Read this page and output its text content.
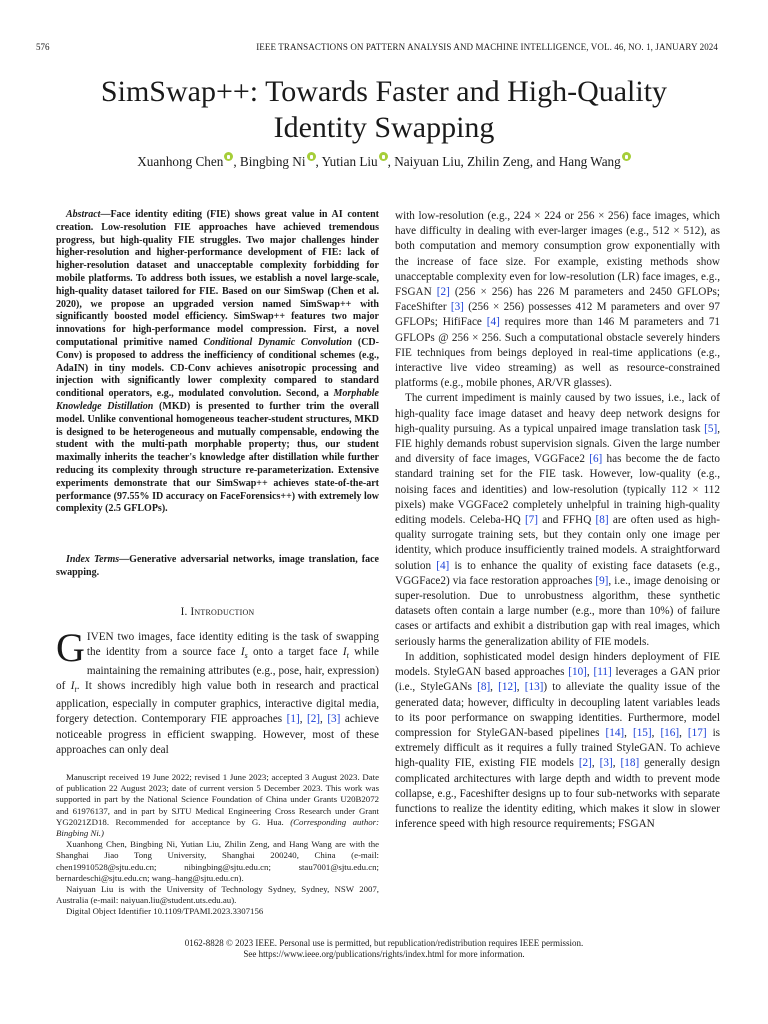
576	IEEE TRANSACTIONS ON PATTERN ANALYSIS AND MACHINE INTELLIGENCE, VOL. 46, NO. 1, JANUARY 2024
SimSwap++: Towards Faster and High-Quality
Identity Swapping
Xuanhong Chen , Bingbing Ni , Yutian Liu , Naiyuan Liu, Zhilin Zeng, and Hang Wang
Abstract—Face identity editing (FIE) shows great value in AI content creation. Low-resolution FIE approaches have achieved tremendous progress, but high-quality FIE struggles. Two major challenges hinder higher-resolution and higher-performance development of FIE: lack of higher-resolution dataset and unacceptable complexity forbidding for mobile platforms. To address both issues, we establish a novel large-scale, high-quality dataset tailored for FIE. Based on our SimSwap (Chen et al. 2020), we propose an upgraded version named SimSwap++ with significantly boosted model efficiency. SimSwap++ features two major innovations for high-performance model compression. First, a novel computational primitive named Conditional Dynamic Convolution (CD-Conv) is proposed to address the inefficiency of conditional schemes (e.g., AdaIN) in tiny models. CD-Conv achieves anisotropic processing and injection with significantly lower complexity compared to standard conditional operators, e.g., modulated convolution. Second, a Morphable Knowledge Distillation (MKD) is presented to further trim the overall model. Unlike conventional homogeneous teacher-student structures, MKD is designed to be heterogeneous and mutually compensable, endowing the student with the multi-path morphable property; thus, our student maximally inherits the teacher's knowledge after distillation while further reducing its complexity through structure re-parameterization. Extensive experiments demonstrate that our SimSwap++ achieves state-of-the-art performance (97.55% ID accuracy on FaceForensics++) with extremely low complexity (2.5 GFLOPs).
Index Terms—Generative adversarial networks, image translation, face swapping.
I. Introduction
GIVEN two images, face identity editing is the task of swapping the identity from a source face $I_s$ onto a target face $I_t$ while maintaining the remaining attributes (e.g., pose, hair, expression) of $I_t$. It shows incredibly high value both in research and practical application, especially in computer graphics, interactive digital media, forgery detection. Contemporary FIE approaches [1], [2], [3] achieve noticeable progress in efficient swapping. However, most of these approaches can only deal

Manuscript received 19 June 2022; revised 1 June 2023; accepted 3 August 2023. Date of publication 22 August 2023; date of current version 5 December 2023. This work was supported in part by the National Science Foundation of China under Grants U20B2072 and 61976137, and in part by SJTU Medical Engineering Cross Research under Grant YG2021ZD18. Recommended for acceptance by G. Hua. (Corresponding author: Bingbing Ni.)

Xuanhong Chen, Bingbing Ni, Yutian Liu, Zhilin Zeng, and Hang Wang are with the Shanghai Jiao Tong University, Shanghai 200240, China (e-mail: chen19910528@sjtu.edu.cn; nibingbing@sjtu.edu.cn; stau7001@sjtu.edu.cn; bernardeschi@sjtu.edu.cn; wang–hang@sjtu.edu.cn).

Naiyuan Liu is with the University of Technology Sydney, Sydney, NSW 2007, Australia (e-mail: naiyuan.liu@student.uts.edu.au).

Digital Object Identifier 10.1109/TPAMI.2023.3307156

with low-resolution (e.g., 224 × 224 or 256 × 256) face images, which have difficulty in dealing with ever-larger images (e.g., 512 × 512), as both computation and memory consumption grow exponentially with the increase of face size. For example, existing methods show unacceptable complexity even for low-resolution (LR) face images, e.g., FSGAN [2] (256 × 256) has 226 M parameters and 2450 GFLOPs; FaceShifter [3] (256 × 256) possesses 412 M parameters and over 97 GFLOPs; HifiFace [4] requires more than 146 M parameters and 71 GFLOPs @ 256 × 256. Such a computational obstacle severely hinders FIE techniques from beings deployed in real-time applications (e.g., interactive live video streaming) as well as resource-constrained platforms (e.g., mobile phones, AR/VR glasses).

The current impediment is mainly caused by two issues, i.e., lack of high-quality face image dataset and heavy deep network designs for high-quality pursuing. As a typical unpaired image translation task [5], FIE highly demands robust supervision signals. Given the large number and diversity of face images, VGGFace2 [6] has become the de facto standard training set for the FIE task. However, low-quality (e.g., noising faces and identities) and low-resolution (typically 112 × 112 pixels) make VGGFace2 completely unhelpful in training high-quality editing models. Celeba-HQ [7] and FFHQ [8] are often used as high-quality surrogate training sets, but they contain only one image per identity, which produce insufficiently trained models. A straightforward solution [4] is to enhance the quality of existing face datasets (e.g., VGGFace2) via face restoration approaches [9], i.e., image denoising or super-resolution. Due to unrobustness algorithm, these synthetic datasets often contain a large number (e.g., more than 10%) of failure cases or artifacts and exhibit a distribution gap with real images, which seriously harms the generalization ability of FIE models.

In addition, sophisticated model design hinders deployment of FIE models. StyleGAN based approaches [10], [11] leverages a GAN prior (i.e., StyleGANs [8], [12], [13]) to alleviate the quality issue of the generated data; however, difficulty in decoupling latent variables leads to its poor performance on swapping identities. Furthermore, model compression for StyleGAN-based pipelines [14], [15], [16], [17] is extremely difficult as it requires a fully trained StyleGAN. To achieve high-quality FIE, existing FIE models [2], [3], [18] generally design complicated architectures with large depth and width to prevent mode collapse, e.g., Faceshifter designs up to four sub-networks with separate functions to realize the identity editing, which makes it slow in slower inference speed with high resource requirements; FSGAN

0162-8828 © 2023 IEEE. Personal use is permitted, but republication/redistribution requires IEEE permission.
See https://www.ieee.org/publications/rights/index.html for more information.
